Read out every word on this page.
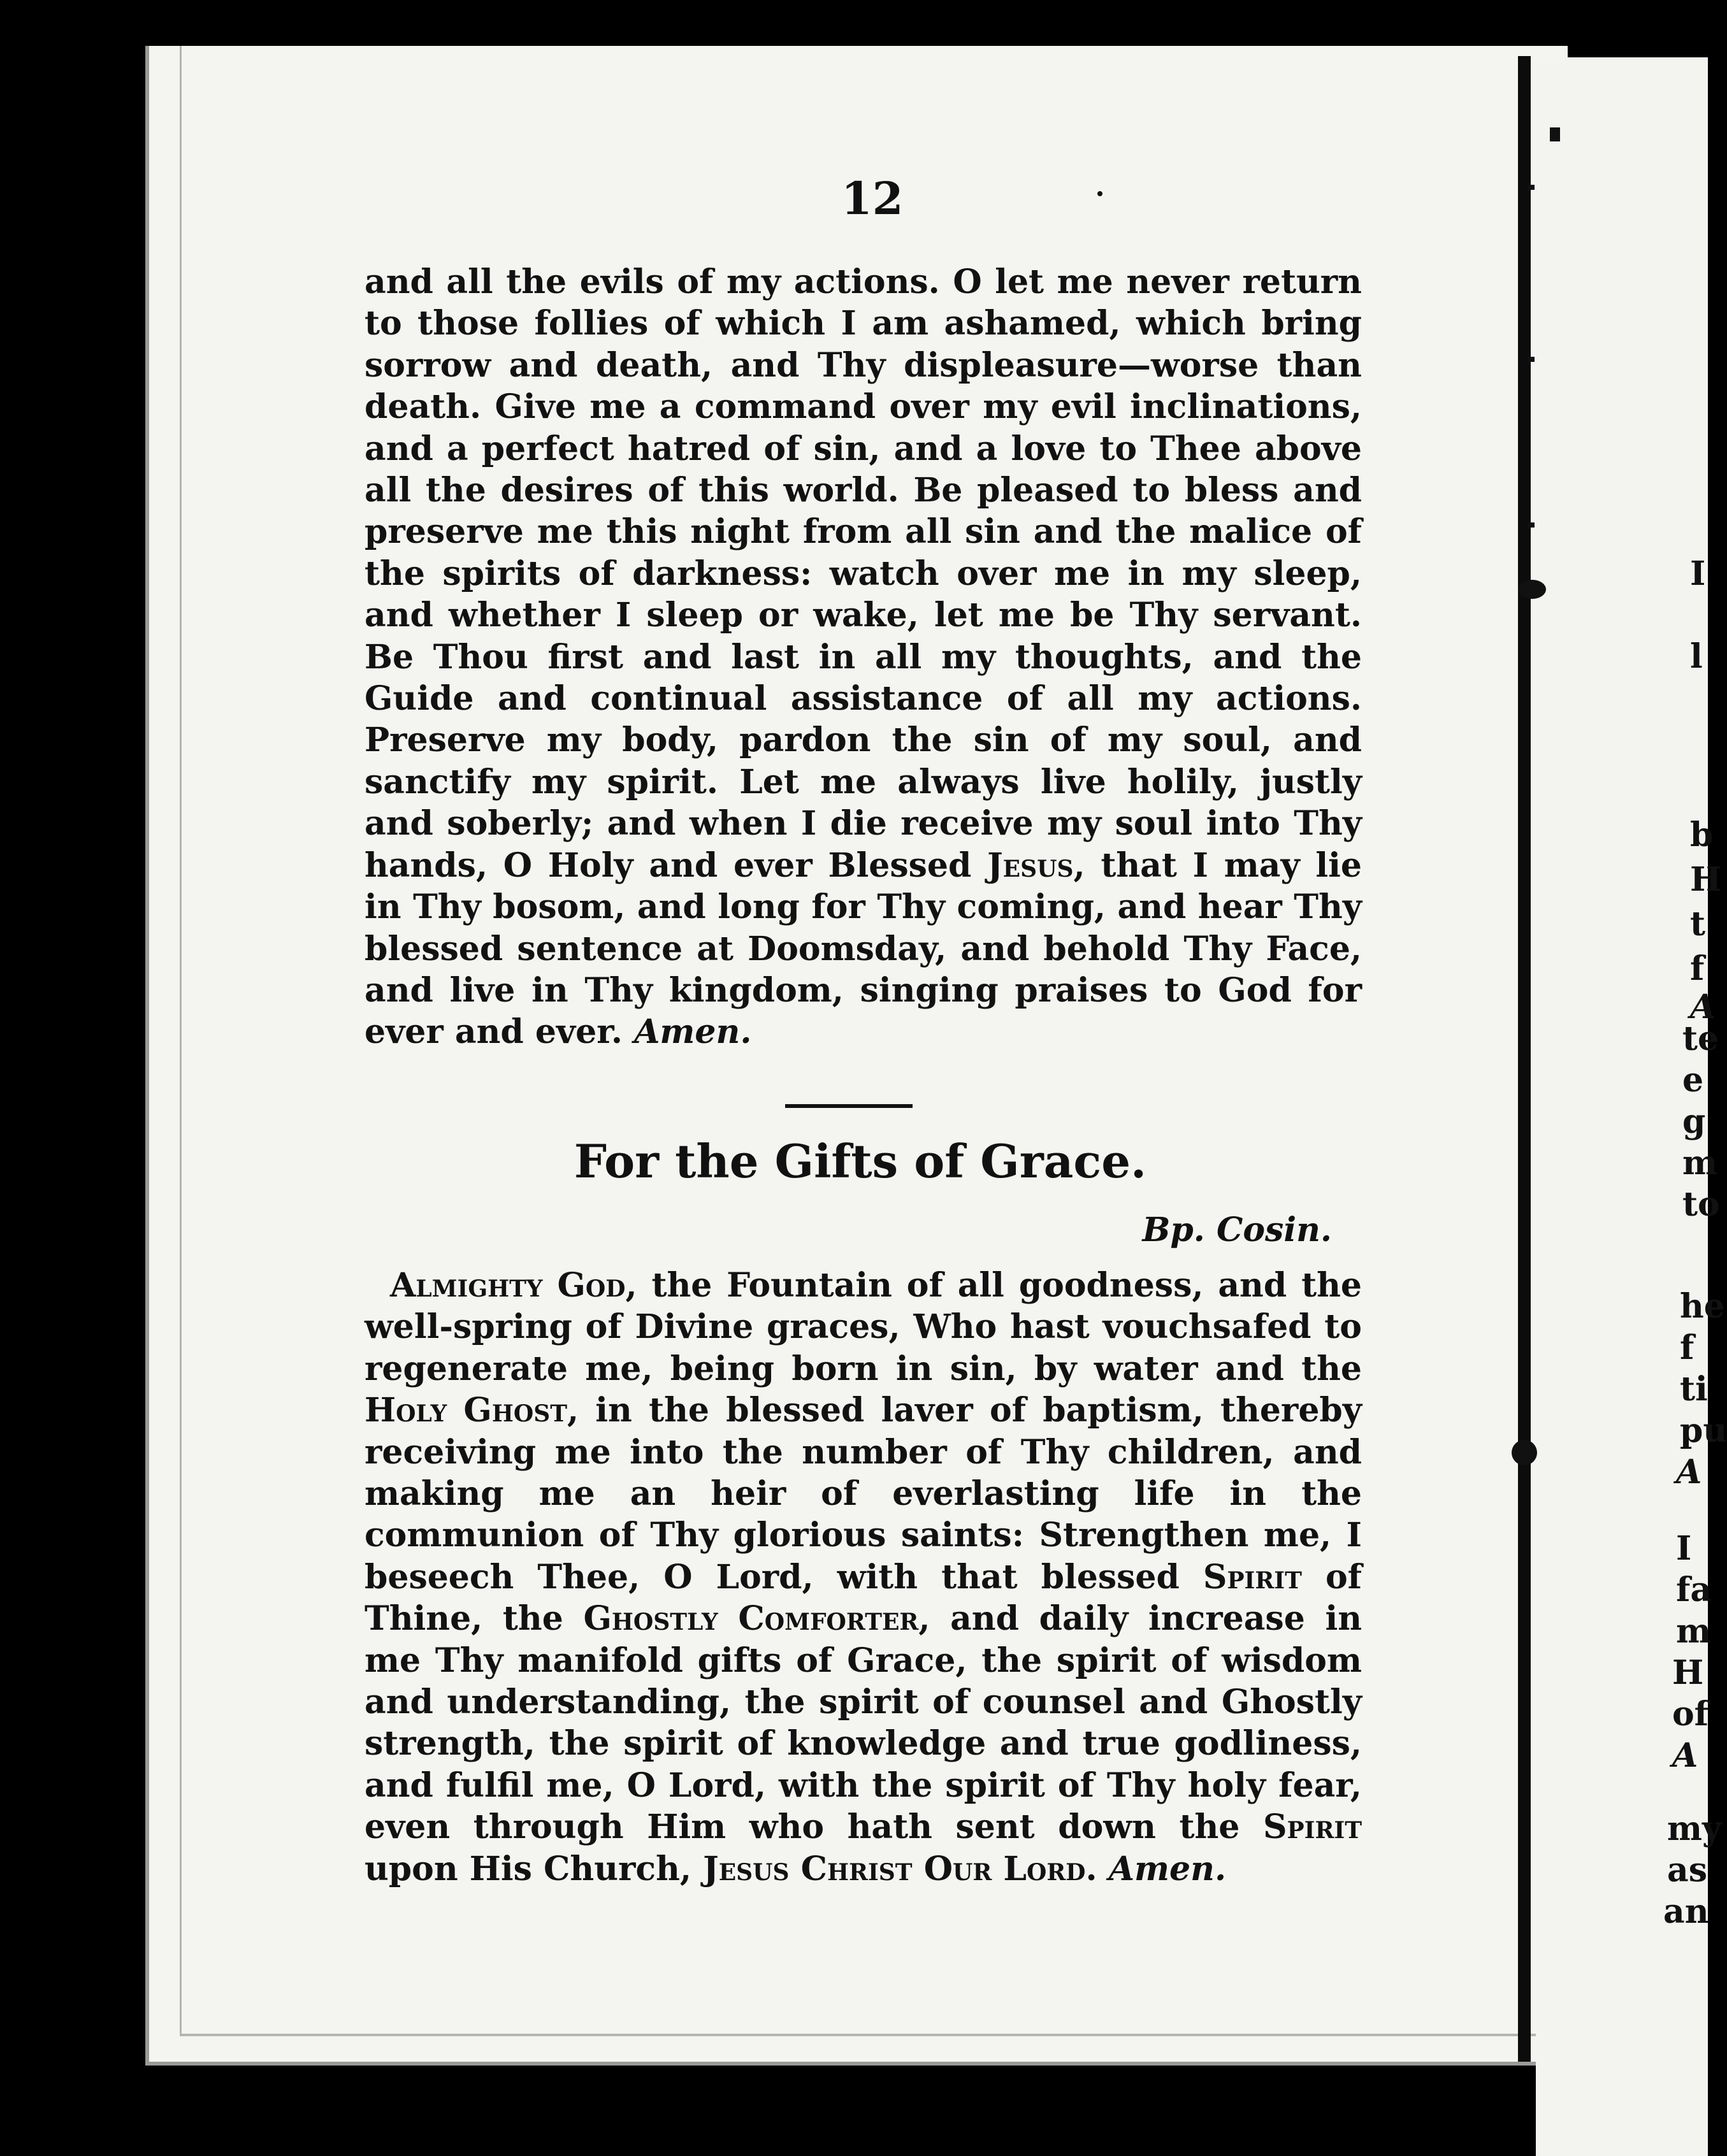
12
and all the evils of my actions. O let me never return to those follies of which I am ashamed, which bring sorrow and death, and Thy displeasure—worse than death. Give me a command over my evil inclinations, and a perfect hatred of sin, and a love to Thee above all the desires of this world. Be pleased to bless and preserve me this night from all sin and the malice of the spirits of darkness: watch over me in my sleep, and whether I sleep or wake, let me be Thy servant. Be Thou first and last in all my thoughts, and the Guide and continual assistance of all my actions. Preserve my body, pardon the sin of my soul, and sanctify my spirit. Let me always live holily, justly and soberly; and when I die receive my soul into Thy hands, O Holy and ever Blessed Jesus, that I may lie in Thy bosom, and long for Thy coming, and hear Thy blessed sentence at Doomsday, and behold Thy Face, and live in Thy kingdom, singing praises to God for ever and ever. Amen.
For the Gifts of Grace.
Bp. Cosin.
Almighty God, the Fountain of all goodness, and the well-spring of Divine graces, Who hast vouchsafed to regenerate me, being born in sin, by water and the Holy Ghost, in the blessed laver of baptism, thereby receiving me into the number of Thy children, and making me an heir of everlasting life in the communion of Thy glorious saints: Strengthen me, I beseech Thee, O Lord, with that blessed Spirit of Thine, the Ghostly Comforter, and daily increase in me Thy manifold gifts of Grace, the spirit of wisdom and understanding, the spirit of counsel and Ghostly strength, the spirit of knowledge and true godliness, and fulfil me, O Lord, with the spirit of Thy holy fear, even through Him who hath sent down the Spirit upon His Church, Jesus Christ Our Lord. Amen.
b
H
t
f
I
l
te
e
g
m
to
he
f
ti
pu
A
I
fa
m
H
of
A
my
as
an
A
